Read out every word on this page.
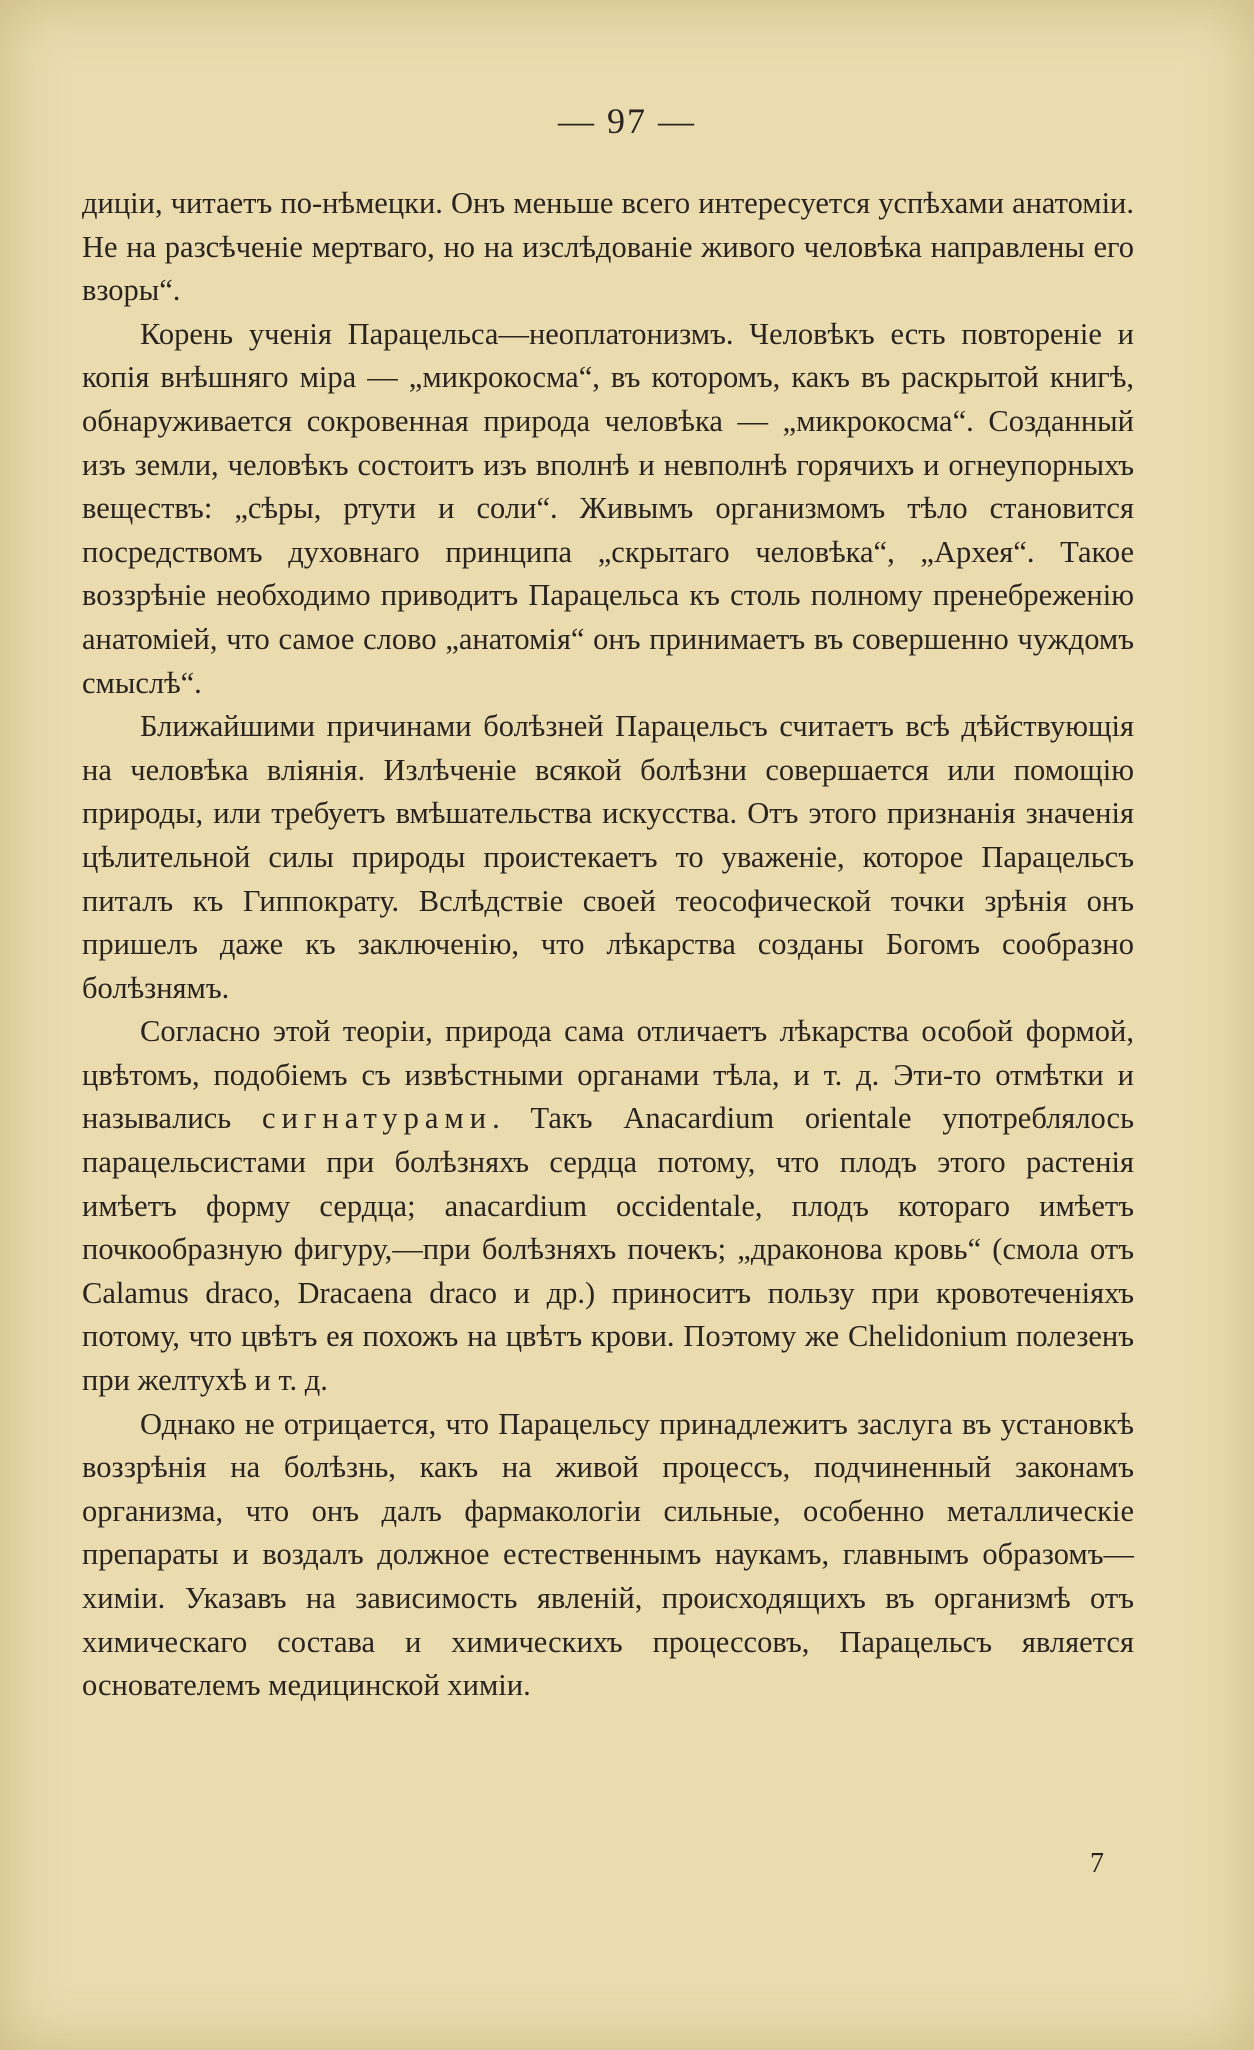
— 97 —

диціи, читаетъ по-нѣмецки. Онъ меньше всего интересуется успѣхами анатоміи. Не на разсѣченіе мертваго, но на изслѣдованіе живого человѣка направлены его взоры“.

Корень ученія Парацельса—неоплатонизмъ. Человѣкъ есть повтореніе и копія внѣшняго міра — „микрокосма“, въ которомъ, какъ въ раскрытой книгѣ, обнаруживается сокровенная природа человѣка — „микрокосма“. Созданный изъ земли, человѣкъ состоитъ изъ вполнѣ и невполнѣ горячихъ и огнеупорныхъ веществъ: „сѣры, ртути и соли“. Живымъ организмомъ тѣло становится посредствомъ духовнаго принципа „скрытаго человѣка“, „Архея“. Такое воззрѣніе необходимо приводитъ Парацельса къ столь полному пренебреженію анатоміей, что самое слово „анатомія“ онъ принимаетъ въ совершенно чуждомъ смыслѣ“.

Ближайшими причинами болѣзней Парацельсъ считаетъ всѣ дѣйствующія на человѣка вліянія. Излѣченіе всякой болѣзни совершается или помощію природы, или требуетъ вмѣшательства искусства. Отъ этого признанія значенія цѣлительной силы природы проистекаетъ то уваженіе, которое Парацельсъ питалъ къ Гиппократу. Вслѣдствіе своей теософической точки зрѣнія онъ пришелъ даже къ заключенію, что лѣкарства созданы Богомъ сообразно болѣзнямъ.

Согласно этой теоріи, природа сама отличаетъ лѣкарства особой формой, цвѣтомъ, подобіемъ съ извѣстными органами тѣла, и т. д. Эти-то отмѣтки и назывались сигнатурами. Такъ Anacardium orientale употреблялось парацельсистами при болѣзняхъ сердца потому, что плодъ этого растенія имѣетъ форму сердца; anacardium occidentale, плодъ котораго имѣетъ почкообразную фигуру,—при болѣзняхъ почекъ; „драконова кровь“ (смола отъ Calamus draco, Dracaena draco и др.) приноситъ пользу при кровотеченіяхъ потому, что цвѣтъ ея похожъ на цвѣтъ крови. Поэтому же Chelidonium полезенъ при желтухѣ и т. д.

Однако не отрицается, что Парацельсу принадлежитъ заслуга въ установкѣ воззрѣнія на болѣзнь, какъ на живой процессъ, подчиненный законамъ организма, что онъ далъ фармакологіи сильные, особенно металлическіе препараты и воздалъ должное естественнымъ наукамъ, главнымъ образомъ—химіи. Указавъ на зависимость явленій, происходящихъ въ организмѣ отъ химическаго состава и химическихъ процессовъ, Парацельсъ является основателемъ медицинской химіи.

7
